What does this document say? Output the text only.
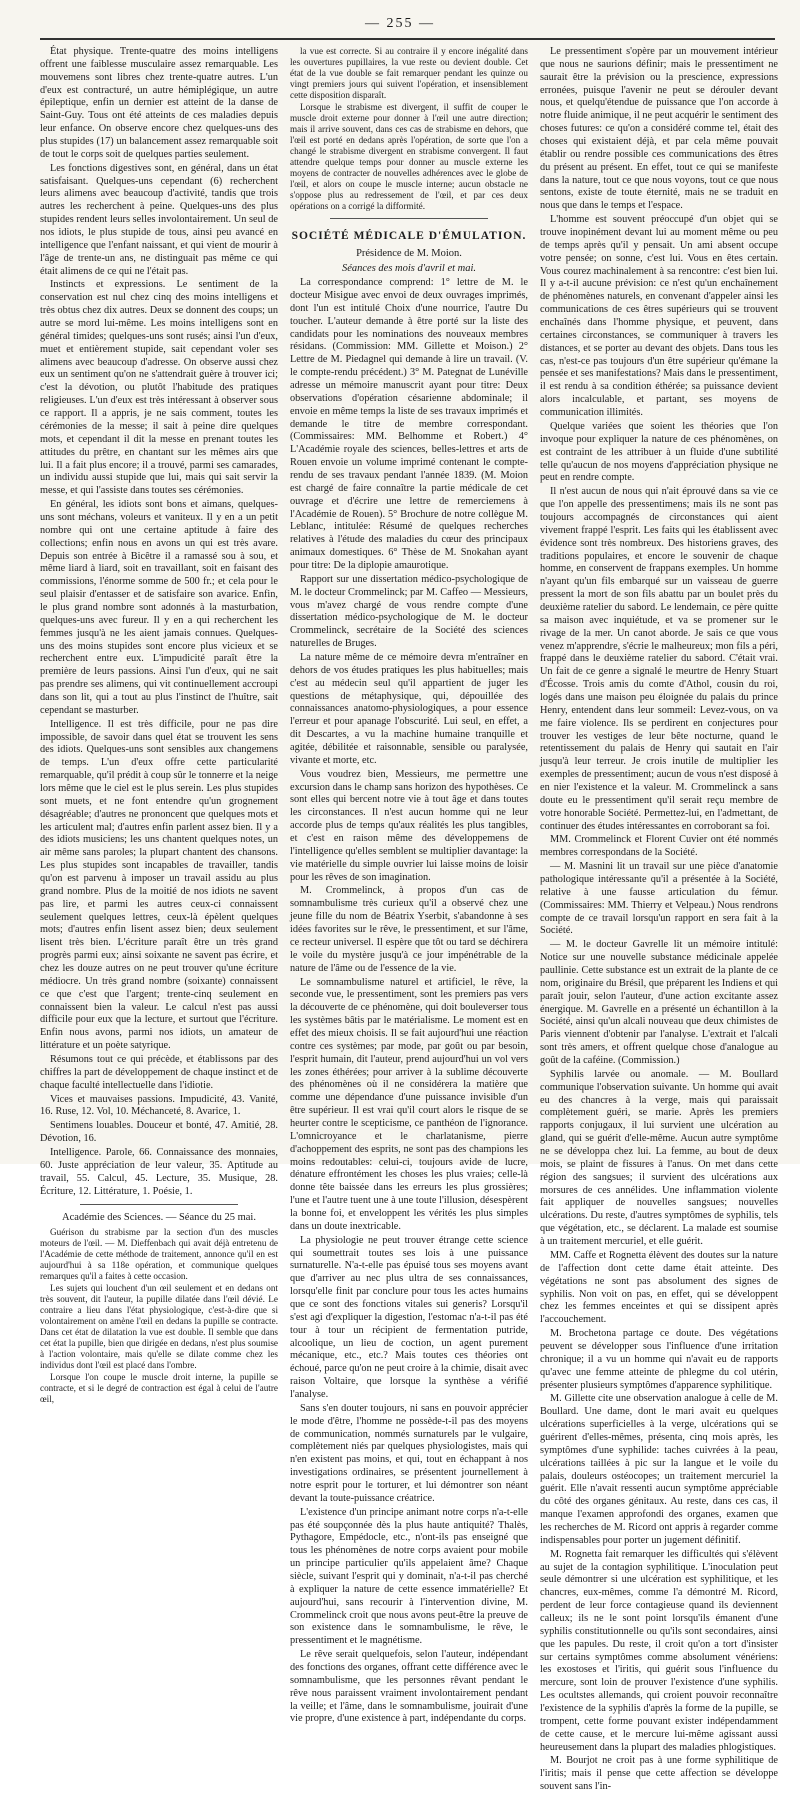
— 255 —

État physique. Trente-quatre des moins intelligens offrent une faiblesse musculaire assez remarquable. Les mouvemens sont libres chez trente-quatre autres. L'un d'eux est contracturé, un autre hémiplégique, un autre épileptique, enfin un dernier est atteint de la danse de Saint-Guy. Tous ont été atteints de ces maladies depuis leur enfance. On observe encore chez quelques-uns des plus stupides (17) un balancement assez remarquable soit de tout le corps soit de quelques parties seulement.

Les fonctions digestives sont, en général, dans un état satisfaisant. Quelques-uns cependant (6) recherchent leurs alimens avec beaucoup d'activité, tandis que trois autres les recherchent à peine. Quelques-uns des plus stupides rendent leurs selles involontairement. Un seul de nos idiots, le plus stupide de tous, ainsi peu avancé en intelligence que l'enfant naissant, et qui vient de mourir à l'âge de trente-un ans, ne distinguait pas même ce qui était alimens de ce qui ne l'était pas.

Instincts et expressions. Le sentiment de la conservation est nul chez cinq des moins intelligens et très obtus chez dix autres. Deux se donnent des coups; un autre se mord lui-même. Les moins intelligens sont en général timides; quelques-uns sont rusés; ainsi l'un d'eux, muet et entièrement stupide, sait cependant voler ses alimens avec beaucoup d'adresse. On observe aussi chez eux un sentiment qu'on ne s'attendrait guère à trouver ici; c'est la dévotion, ou plutôt l'habitude des pratiques religieuses. L'un d'eux est très intéressant à observer sous ce rapport. Il a appris, je ne sais comment, toutes les cérémonies de la messe; il sait à peine dire quelques mots, et cependant il dit la messe en prenant toutes les attitudes du prêtre, en chantant sur les mêmes airs que lui. Il a fait plus encore; il a trouvé, parmi ses camarades, un individu aussi stupide que lui, mais qui sait servir la messe, et qui l'assiste dans toutes ses cérémonies.

En général, les idiots sont bons et aimans, quelques-uns sont méchans, voleurs et vaniteux. Il y en a un petit nombre qui ont une certaine aptitude à faire des collections; enfin nous en avons un qui est très avare. Depuis son entrée à Bicêtre il a ramassé sou à sou, et même liard à liard, soit en travaillant, soit en faisant des commissions, l'énorme somme de 500 fr.; et cela pour le seul plaisir d'entasser et de satisfaire son avarice. Enfin, le plus grand nombre sont adonnés à la masturbation, quelques-uns avec fureur. Il y en a qui recherchent les femmes jusqu'à ne les aient jamais connues. Quelques-uns des moins stupides sont encore plus vicieux et se recherchent entre eux. L'impudicité paraît être la première de leurs passions. Ainsi l'un d'eux, qui ne sait pas prendre ses alimens, qui vit continuellement accroupi dans son lit, qui a tout au plus l'instinct de l'huître, sait cependant se masturber.

Intelligence. Il est très difficile, pour ne pas dire impossible, de savoir dans quel état se trouvent les sens des idiots. Quelques-uns sont sensibles aux changemens de temps. L'un d'eux offre cette particularité remarquable, qu'il prédit à coup sûr le tonnerre et la neige lors même que le ciel est le plus serein. Les plus stupides sont muets, et ne font entendre qu'un grognement désagréable; d'autres ne prononcent que quelques mots et les articulent mal; d'autres enfin parlent assez bien. Il y a des idiots musiciens; les uns chantent quelques notes, un air même sans paroles; la plupart chantent des chansons. Les plus stupides sont incapables de travailler, tandis qu'on est parvenu à imposer un travail assidu au plus grand nombre. Plus de la moitié de nos idiots ne savent pas lire, et parmi les autres ceux-ci connaissent seulement quelques lettres, ceux-là épèlent quelques mots; d'autres enfin lisent assez bien; deux seulement lisent très bien. L'écriture paraît être un très grand progrès parmi eux; ainsi soixante ne savent pas écrire, et chez les douze autres on ne peut trouver qu'une écriture médiocre. Un très grand nombre (soixante) connaissent ce que c'est que l'argent; trente-cinq seulement en connaissent bien la valeur. Le calcul n'est pas aussi difficile pour eux que la lecture, et surtout que l'écriture. Enfin nous avons, parmi nos idiots, un amateur de littérature et un poète satyrique.

Résumons tout ce qui précède, et établissons par des chiffres la part de développement de chaque instinct et de chaque faculté intellectuelle dans l'idiotie.

Vices et mauvaises passions. Impudicité, 43. Vanité, 16. Ruse, 12. Vol, 10. Méchanceté, 8. Avarice, 1.

Sentimens louables. Douceur et bonté, 47. Amitié, 28. Dévotion, 16.

Intelligence. Parole, 66. Connaissance des monnaies, 60. Juste appréciation de leur valeur, 35. Aptitude au travail, 55. Calcul, 45. Lecture, 35. Musique, 28. Écriture, 12. Littérature, 1. Poésie, 1.

Académie des Sciences. — Séance du 25 mai.

Guérison du strabisme par la section d'un des muscles moteurs de l'œil. — M. Dieffenbach qui avait déjà entretenu de l'Académie de cette méthode de traitement, annonce qu'il en est aujourd'hui à sa 118e opération, et communique quelques remarques qu'il a faites à cette occasion.

Les sujets qui louchent d'un œil seulement et en dedans ont très souvent, dit l'auteur, la pupille dilatée dans l'œil dévié. Le contraire a lieu dans l'état physiologique, c'est-à-dire que si volontairement on amène l'œil en dedans la pupille se contracte. Dans cet état de dilatation la vue est double. Il semble que dans cet état la pupille, bien que dirigée en dedans, n'est plus soumise à l'action volontaire, mais qu'elle se dilate comme chez les individus dont l'œil est placé dans l'ombre.

Lorsque l'on coupe le muscle droit interne, la pupille se contracte, et si le degré de contraction est égal à celui de l'autre œil,

la vue est correcte. Si au contraire il y encore inégalité dans les ouvertures pupillaires, la vue reste ou devient double. Cet état de la vue double se fait remarquer pendant les quinze ou vingt premiers jours qui suivent l'opération, et insensiblement cette disposition disparaît.

Lorsque le strabisme est divergent, il suffit de couper le muscle droit externe pour donner à l'œil une autre direction; mais il arrive souvent, dans ces cas de strabisme en dehors, que l'œil est porté en dedans après l'opération, de sorte que l'on a changé le strabisme divergent en strabisme convergent. Il faut attendre quelque temps pour donner au muscle externe les moyens de contracter de nouvelles adhérences avec le globe de l'œil, et alors on coupe le muscle interne; aucun obstacle ne s'oppose plus au redressement de l'œil, et par ces deux opérations on a corrigé la difformité.

SOCIÉTÉ MÉDICALE D'ÉMULATION.
Présidence de M. Moion.
Séances des mois d'avril et mai.

La correspondance comprend: 1° lettre de M. le docteur Misigue avec envoi de deux ouvrages imprimés, dont l'un est intitulé Choix d'une nourrice, l'autre Du toucher. L'auteur demande à être porté sur la liste des candidats pour les nominations des nouveaux membres résidans. (Commission: MM. Gillette et Moison.) 2° Lettre de M. Piedagnel qui demande à lire un travail. (V. le compte-rendu précédent.) 3° M. Pategnat de Lunéville adresse un mémoire manuscrit ayant pour titre: Deux observations d'opération césarienne abdominale; il envoie en même temps la liste de ses travaux imprimés et demande le titre de membre correspondant. (Commissaires: MM. Belhomme et Robert.) 4° L'Académie royale des sciences, belles-lettres et arts de Rouen envoie un volume imprimé contenant le compte-rendu de ses travaux pendant l'année 1839. (M. Moion est chargé de faire connaître la partie médicale de cet ouvrage et d'écrire une lettre de remerciemens à l'Académie de Rouen). 5° Brochure de notre collègue M. Leblanc, intitulée: Résumé de quelques recherches relatives à l'étude des maladies du cœur des principaux animaux domestiques. 6° Thèse de M. Snokahan ayant pour titre: De la diplopie amaurotique.

Rapport sur une dissertation médico-psychologique de M. le docteur Crommelinck; par M. Caffeo — Messieurs, vous m'avez chargé de vous rendre compte d'une dissertation médico-psychologique de M. le docteur Crommelinck, secrétaire de la Société des sciences naturelles de Bruges.

La nature même de ce mémoire devra m'entraîner en dehors de vos études pratiques les plus habituelles; mais c'est au médecin seul qu'il appartient de juger les questions de métaphysique, qui, dépouillée des connaissances anatomo-physiologiques, a pour essence l'erreur et pour apanage l'obscurité. Lui seul, en effet, a dit Descartes, a vu la machine humaine tranquille et agitée, débilitée et raisonnable, sensible ou paralysée, vivante et morte, etc.

Vous voudrez bien, Messieurs, me permettre une excursion dans le champ sans horizon des hypothèses. Ce sont elles qui bercent notre vie à tout âge et dans toutes les circonstances. Il n'est aucun homme qui ne leur accorde plus de temps qu'aux réalités les plus tangibles, et c'est en raison même des développemens de l'intelligence qu'elles semblent se multiplier davantage: la vie matérielle du simple ouvrier lui laisse moins de loisir pour les rêves de son imagination.

M. Crommelinck, à propos d'un cas de somnambulisme très curieux qu'il a observé chez une jeune fille du nom de Béatrix Yserbit, s'abandonne à ses idées favorites sur le rêve, le pressentiment, et sur l'âme, ce recteur universel. Il espère que tôt ou tard se déchirera le voile du mystère jusqu'à ce jour impénétrable de la nature de l'âme ou de l'essence de la vie.

Le somnambulisme naturel et artificiel, le rêve, la seconde vue, le pressentiment, sont les premiers pas vers la découverte de ce phénomène, qui doit bouleverser tous les systèmes bâtis par le matérialisme. Le moment est en effet des mieux choisis. Il se fait aujourd'hui une réaction contre ces systèmes; par mode, par goût ou par besoin, l'esprit humain, dit l'auteur, prend aujourd'hui un vol vers les zones éthérées; pour arriver à la sublime découverte des phénomènes où il ne considérera la matière que comme une dépendance d'une puissance invisible d'un être supérieur. Il est vrai qu'il court alors le risque de se heurter contre le scepticisme, ce panthéon de l'ignorance. L'omnicroyance et le charlatanisme, pierre d'achoppement des esprits, ne sont pas des champions les moins redoutables: celui-ci, toujours avide de lucre, dénature effrontément les choses les plus vraies; celle-là donne tête baissée dans les erreurs les plus grossières; l'une et l'autre tuent une à une toute l'illusion, désespèrent la bonne foi, et enveloppent les vérités les plus simples dans un doute inextricable.

La physiologie ne peut trouver étrange cette science qui soumettrait toutes ses lois à une puissance surnaturelle. N'a-t-elle pas épuisé tous ses moyens avant que d'arriver au nec plus ultra de ses connaissances, lorsqu'elle finit par conclure pour tous les actes humains que ce sont des fonctions vitales sui generis? Lorsqu'il s'est agi d'expliquer la digestion, l'estomac n'a-t-il pas été tour à tour un récipient de fermentation putride, alcoolique, un lieu de coction, un agent purement mécanique, etc., etc.? Mais toutes ces théories ont échoué, parce qu'on ne peut croire à la chimie, disait avec raison Voltaire, que lorsque la synthèse a vérifié l'analyse.

Sans s'en douter toujours, ni sans en pouvoir apprécier le mode d'être, l'homme ne possède-t-il pas des moyens de communication, nommés surnaturels par le vulgaire, complètement niés par quelques physiologistes, mais qui n'en existent pas moins, et qui, tout en échappant à nos investigations ordinaires, se présentent journellement à notre esprit pour le torturer, et lui démontrer son néant devant la toute-puissance créatrice.

L'existence d'un principe animant notre corps n'a-t-elle pas été soupçonnée dès la plus haute antiquité? Thalès, Pythagore, Empédocle, etc., n'ont-ils pas enseigné que tous les phénomènes de notre corps avaient pour mobile un principe particulier qu'ils appelaient âme? Chaque siècle, suivant l'esprit qui y dominait, n'a-t-il pas cherché à expliquer la nature de cette essence immatérielle? Et aujourd'hui, sans recourir à l'intervention divine, M. Crommelinck croit que nous avons peut-être la preuve de son existence dans le somnambulisme, le rêve, le pressentiment et le magnétisme.

Le rêve serait quelquefois, selon l'auteur, indépendant des fonctions des organes, offrant cette différence avec le somnambulisme, que les personnes rêvant pendant le rêve nous paraissent vraiment involontairement pendant la veille; et l'âme, dans le somnambulisme, jouirait d'une vie propre, d'une existence à part, indépendante du corps.

Le pressentiment s'opère par un mouvement intérieur que nous ne saurions définir; mais le pressentiment ne saurait être la prévision ou la prescience, expressions erronées, puisque l'avenir ne peut se dérouler devant nous, et quelqu'étendue de puissance que l'on accorde à notre fluide animique, il ne peut acquérir le sentiment des choses futures: ce qu'on a considéré comme tel, était des choses qui existaient déjà, et par cela même pouvait établir ou rendre possible ces communications des êtres du présent au présent. En effet, tout ce qui se manifeste dans la nature, tout ce que nous voyons, tout ce que nous sentons, existe de toute éternité, mais ne se traduit en nous que dans le temps et l'espace.

L'homme est souvent préoccupé d'un objet qui se trouve inopinément devant lui au moment même ou peu de temps après qu'il y pensait. Un ami absent occupe votre pensée; on sonne, c'est lui. Vous en êtes certain. Vous courez machinalement à sa rencontre: c'est bien lui. Il y a-t-il aucune prévision: ce n'est qu'un enchaînement de phénomènes naturels, en convenant d'appeler ainsi les communications de ces êtres supérieurs qui se trouvent enchaînés dans l'homme physique, et peuvent, dans certaines circonstances, se communiquer à travers les distances, et se porter au devant des objets. Dans tous les cas, n'est-ce pas toujours d'un être supérieur qu'émane la pensée et ses manifestations? Mais dans le pressentiment, il est rendu à sa condition éthérée; sa puissance devient alors incalculable, et partant, ses moyens de communication illimités.

Quelque variées que soient les théories que l'on invoque pour expliquer la nature de ces phénomènes, on est contraint de les attribuer à un fluide d'une subtilité telle qu'aucun de nos moyens d'appréciation physique ne peut en rendre compte.

Il n'est aucun de nous qui n'ait éprouvé dans sa vie ce que l'on appelle des pressentimens; mais ils ne sont pas toujours accompagnés de circonstances qui aient vivement frappé l'esprit. Les faits qui les établissent avec évidence sont très nombreux. Des historiens graves, des traditions populaires, et encore le souvenir de chaque homme, en conservent de frappans exemples. Un homme n'ayant qu'un fils embarqué sur un vaisseau de guerre pressent la mort de son fils abattu par un boulet près du deuxième ratelier du sabord. Le lendemain, ce père quitte sa maison avec inquiétude, et va se promener sur le rivage de la mer. Un canot aborde. Je sais ce que vous venez m'apprendre, s'écrie le malheureux; mon fils a péri, frappé dans le deuxième ratelier du sabord. C'était vrai. Un fait de ce genre a signalé le meurtre de Henry Stuart d'Écosse. Trois amis du comte d'Athol, cousin du roi, logés dans une maison peu éloignée du palais du prince Henry, entendent dans leur sommeil: Levez-vous, on va me faire violence. Ils se perdirent en conjectures pour trouver les vestiges de leur bête nocturne, quand le retentissement du palais de Henry qui sautait en l'air jusqu'à leur terreur. Je crois inutile de multiplier les exemples de pressentiment; aucun de vous n'est disposé à en nier l'existence et la valeur. M. Crommelinck a sans doute eu le pressentiment qu'il serait reçu membre de votre honorable Société. Permettez-lui, en l'admettant, de continuer des études intéressantes en corroborant sa foi.

MM. Crommelinck et Florent Cuvier ont été nommés membres correspondans de la Société.

— M. Masnini lit un travail sur une pièce d'anatomie pathologique intéressante qu'il a présentée à la Société, relative à une fausse articulation du fémur. (Commissaires: MM. Thierry et Velpeau.) Nous rendrons compte de ce travail lorsqu'un rapport en sera fait à la Société.

— M. le docteur Gavrelle lit un mémoire intitulé: Notice sur une nouvelle substance médicinale appelée paullinie. Cette substance est un extrait de la plante de ce nom, originaire du Brésil, que préparent les Indiens et qui paraît jouir, selon l'auteur, d'une action excitante assez énergique. M. Gavrelle en a présenté un échantillon à la Société, ainsi qu'un alcali nouveau que deux chimistes de Paris viennent d'obtenir par l'analyse. L'extrait et l'alcali sont très amers, et offrent quelque chose d'analogue au goût de la caféine. (Commission.)

Syphilis larvée ou anomale. — M. Boullard communique l'observation suivante. Un homme qui avait eu des chancres à la verge, mais qui paraissait complètement guéri, se marie. Après les premiers rapports conjugaux, il lui survient une ulcération au gland, qui se guérit d'elle-même. Aucun autre symptôme ne se développa chez lui. La femme, au bout de deux mois, se plaint de fissures à l'anus. On met dans cette région des sangsues; il survient des ulcérations aux morsures de ces annélides. Une inflammation violente fait appliquer de nouvelles sangsues; nouvelles ulcérations. Du reste, d'autres symptômes de syphilis, tels que végétation, etc., se déclarent. La malade est soumise à un traitement mercuriel, et elle guérit.

MM. Caffe et Rognetta élèvent des doutes sur la nature de l'affection dont cette dame était atteinte. Des végétations ne sont pas absolument des signes de syphilis. Non voit on pas, en effet, qui se développent chez les femmes enceintes et qui se dissipent après l'accouchement.

M. Brochetona partage ce doute. Des végétations peuvent se développer sous l'influence d'une irritation chronique; il a vu un homme qui n'avait eu de rapports qu'avec une femme atteinte de phlegme du col utérin, présenter plusieurs symptômes d'apparence syphilitique.

M. Gillette cite une observation analogue à celle de M. Boullard. Une dame, dont le mari avait eu quelques ulcérations superficielles à la verge, ulcérations qui se guérirent d'elles-mêmes, présenta, cinq mois après, les symptômes d'une syphilide: taches cuivrées à la peau, ulcérations taillées à pic sur la langue et le voile du palais, douleurs ostéocopes; un traitement mercuriel la guérit. Elle n'avait ressenti aucun symptôme appréciable du côté des organes génitaux. Au reste, dans ces cas, il manque l'examen approfondi des organes, examen que les recherches de M. Ricord ont appris à regarder comme indispensables pour porter un jugement définitif.

M. Rognetta fait remarquer les difficultés qui s'élèvent au sujet de la contagion syphilitique. L'inoculation peut seule démontrer si une ulcération est syphilitique, et les chancres, eux-mêmes, comme l'a démontré M. Ricord, perdent de leur force contagieuse quand ils deviennent calleux; ils ne le sont point lorsqu'ils émanent d'une syphilis constitutionnelle ou qu'ils sont secondaires, ainsi que les papules. Du reste, il croit qu'on a tort d'insister sur certains symptômes comme absolument vénériens: les exostoses et l'iritis, qui guérit sous l'influence du mercure, sont loin de prouver l'existence d'une syphilis. Les ocultstes allemands, qui croient pouvoir reconnaître l'existence de la syphilis d'après la forme de la pupille, se trompent, cette forme pouvant exister indépendamment de cette cause, et le mercure lui-même agissant aussi heureusement dans la plupart des maladies phlogistiques.

M. Bourjot ne croit pas à une forme syphilitique de l'iritis; mais il pense que cette affection se développe souvent sans l'in-
